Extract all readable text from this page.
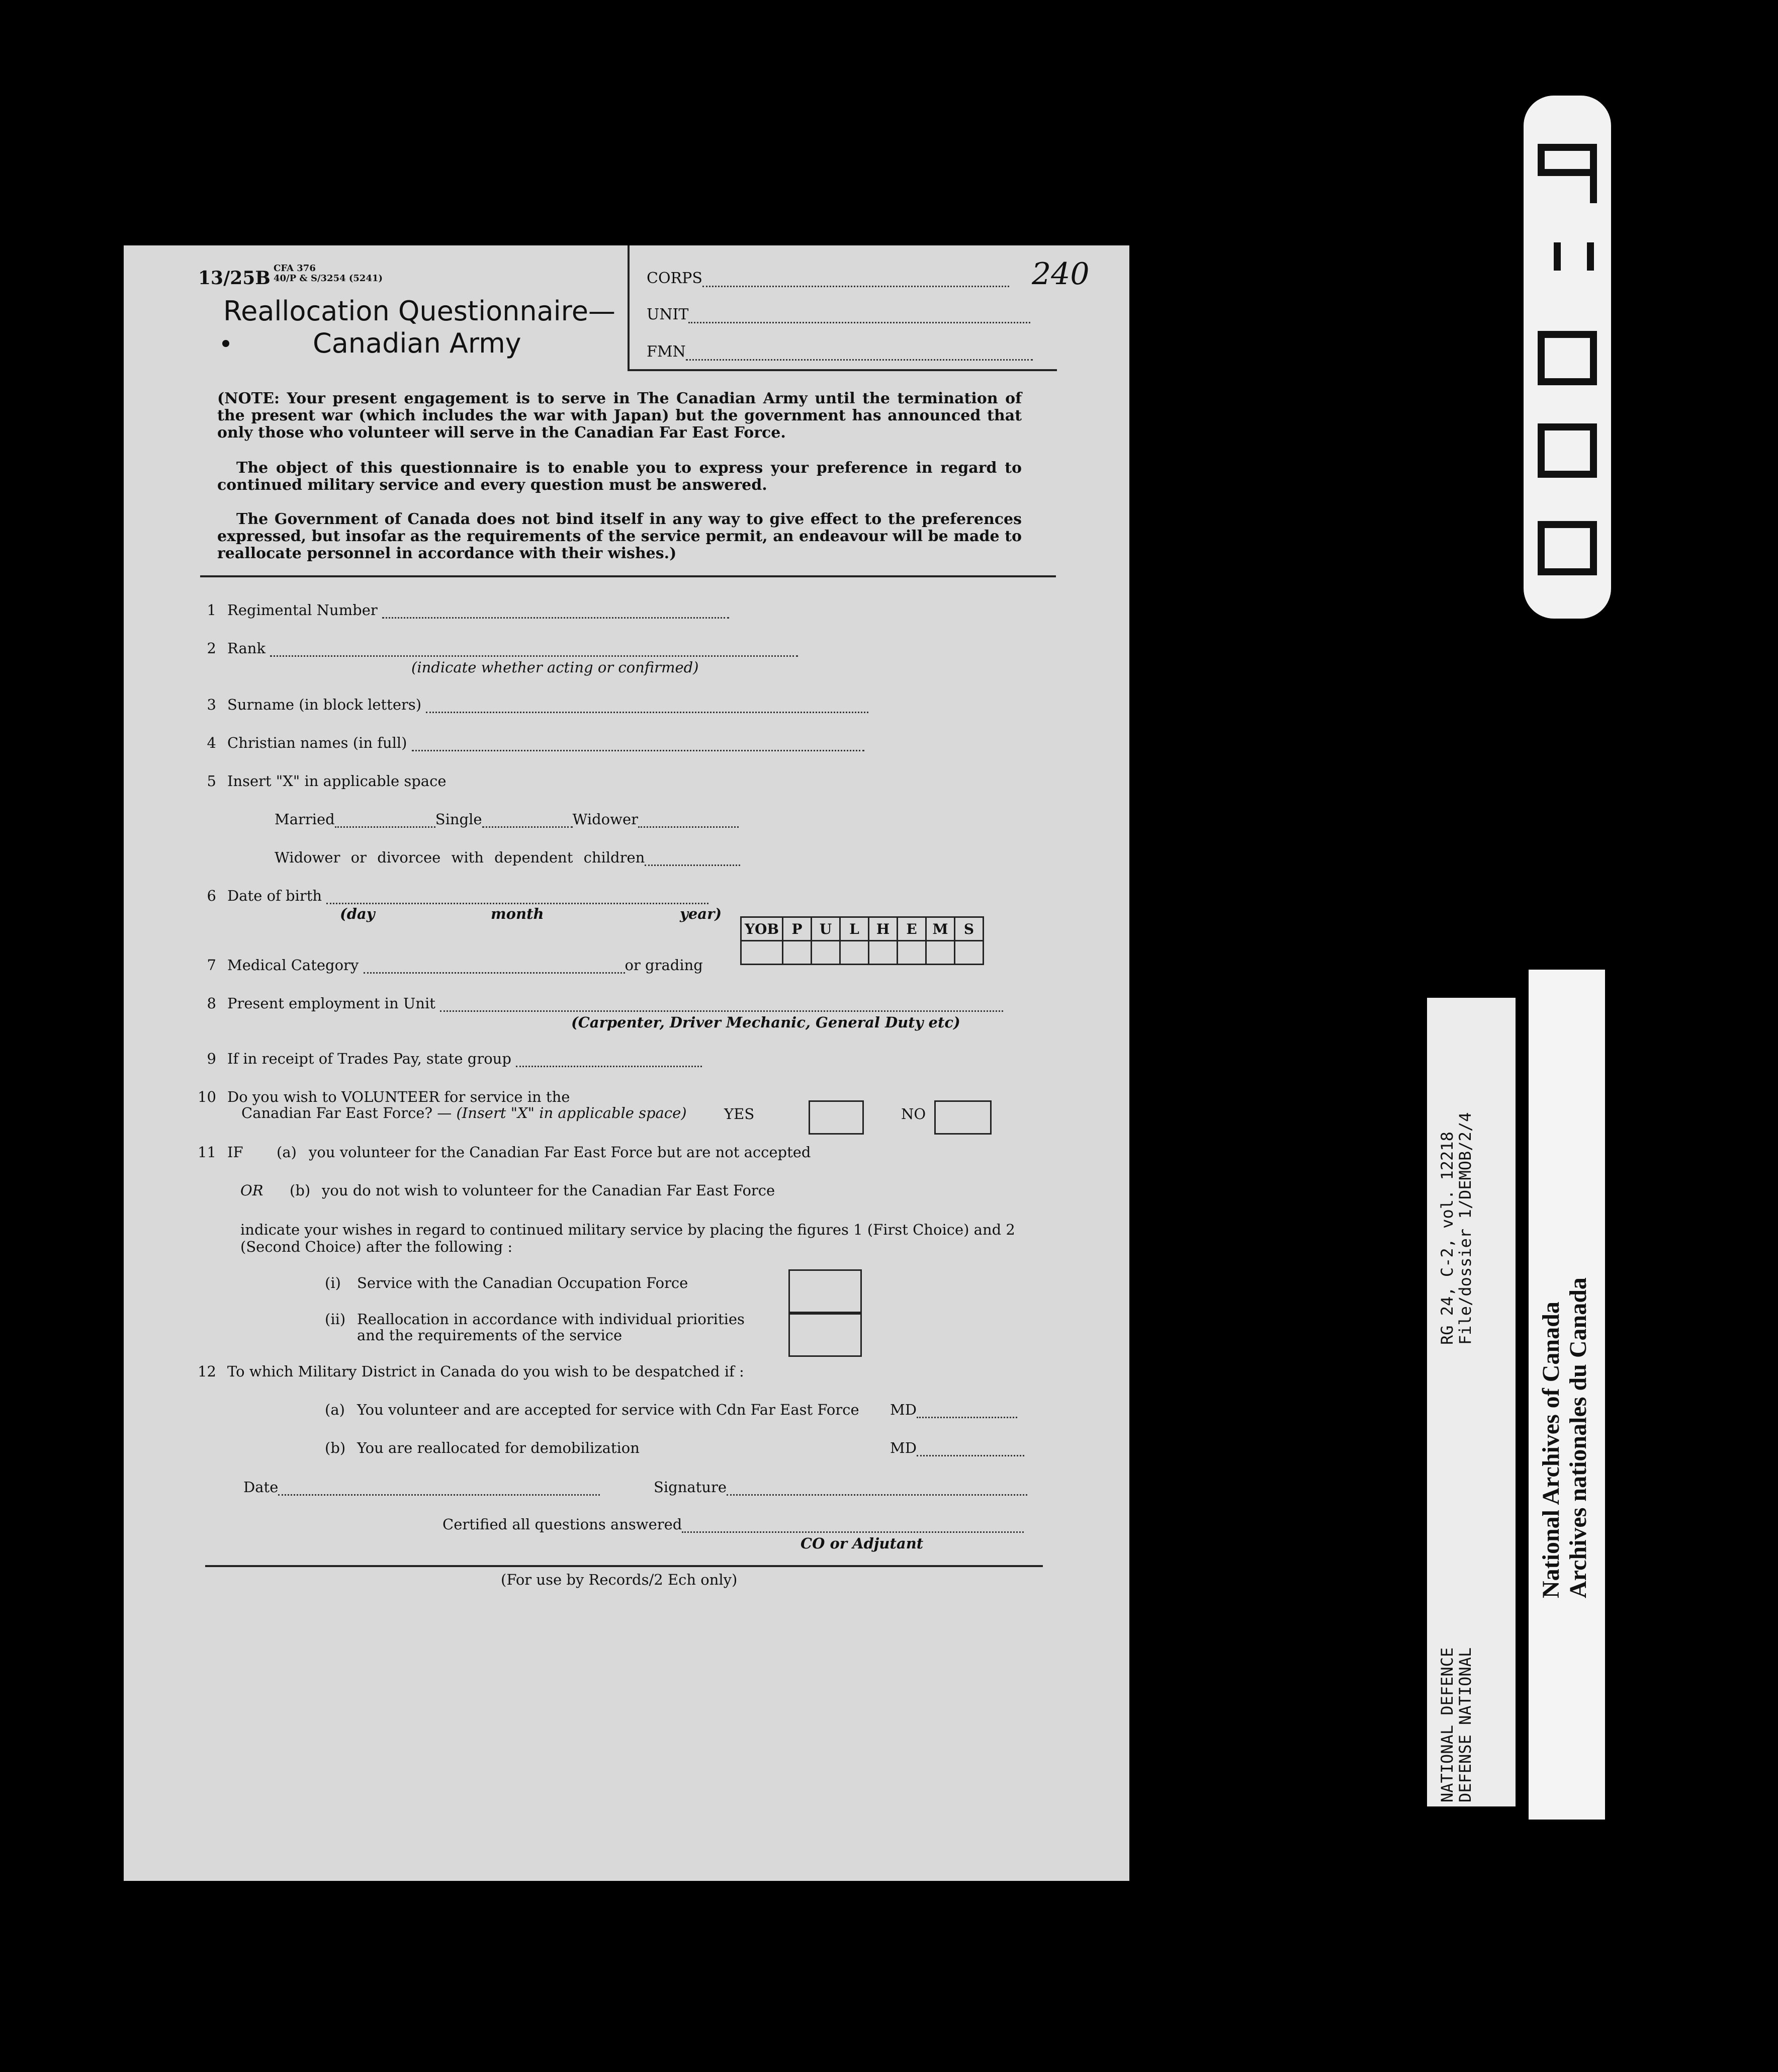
13/25B CFA 376
40/P & S/3254 (5241)
Reallocation Questionnaire—
Canadian Army
CORPS
UNIT
FMN
240
(NOTE: Your present engagement is to serve in The Canadian Army until the termination of the present war (which includes the war with Japan) but the government has announced that only those who volunteer will serve in the Canadian Far East Force.
The object of this questionnaire is to enable you to express your preference in regard to continued military service and every question must be answered.
The Government of Canada does not bind itself in any way to give effect to the preferences expressed, but insofar as the requirements of the service permit, an endeavour will be made to reallocate personnel in accordance with their wishes.)
1 Regimental Number
2 Rank
(indicate whether acting or confirmed)
3 Surname (in block letters)
4 Christian names (in full)
5 Insert "X" in applicable space
Married	Single	Widower
Widower or divorcee with dependent children
6 Date of birth
(day	month	year)
YOB	P	U	L	H	E	M	S

7 Medical Category	or grading
8 Present employment in Unit
(Carpenter, Driver Mechanic, General Duty etc)
9 If in receipt of Trades Pay, state group
10 Do you wish to VOLUNTEER for service in the
Canadian Far East Force? — (Insert "X" in applicable space)	YES	NO
11 IF (a) you volunteer for the Canadian Far East Force but are not accepted
OR (b) you do not wish to volunteer for the Canadian Far East Force
indicate your wishes in regard to continued military service by placing the figures 1 (First Choice) and 2 (Second Choice) after the following :
(i) Service with the Canadian Occupation Force
(ii) Reallocation in accordance with individual priorities
and the requirements of the service
12 To which Military District in Canada do you wish to be despatched if :
(a) You volunteer and are accepted for service with Cdn Far East Force MD
(b) You are reallocated for demobilization	MD
Date	Signature
Certified all questions answered
CO or Adjutant
(For use by Records/2 Ech only)
NATIONAL DEFENCE
DEFENSE NATIONAL
RG 24, C-2, vol. 12218
File/dossier 1/DEMOB/2/4
National Archives of Canada Archives nationales du Canada
